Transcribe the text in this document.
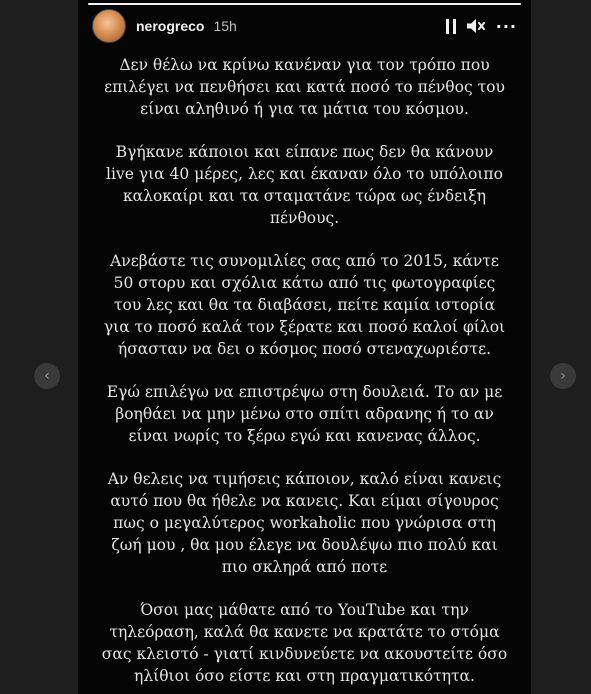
‹	›
nerogreco 15h	···

Δεν θέλω να κρίνω κανέναν για τον τρόπο που
επιλέγει να πενθήσει και κατά ποσό το πένθος του
είναι αληθινό ή για τα μάτια του κόσμου.

Βγήκανε κάποιοι και είπανε πως δεν θα κάνουν
live για 40 μέρες, λες και έκαναν όλο το υπόλοιπο
καλοκαίρι και τα σταματάνε τώρα ως ένδειξη
πένθους.

Ανεβάστε τις συνομιλίες σας από το 2015, κάντε
50 στορυ και σχόλια κάτω από τις φωτογραφίες
του λες και θα τα διαβάσει, πείτε καμία ιστορία
για το ποσό καλά τον ξέρατε και ποσό καλοί φίλοι
ήσασταν να δει ο κόσμος ποσό στεναχωριέστε.

Εγώ επιλέγω να επιστρέψω στη δουλειά. Το αν με
βοηθάει να μην μένω στο σπίτι αδρανης ή το αν
είναι νωρίς το ξέρω εγώ και κανενας άλλος.

Αν θελεις να τιμήσεις κάποιον, καλό είναι κανεις
αυτό που θα ήθελε να κανεις. Και είμαι σίγουρος
πως ο μεγαλύτερος workaholic που γνώρισα στη
ζωή μου , θα μου έλεγε να δουλέψω πιο πολύ και
πιο σκληρά από ποτε

Όσοι μας μάθατε από το YouTube και την
τηλεόραση, καλά θα κανετε να κρατάτε το στόμα
σας κλειστό - γιατί κινδυνεύετε να ακουστείτε όσο
ηλίθιοι όσο είστε και στη πραγματικότητα.
